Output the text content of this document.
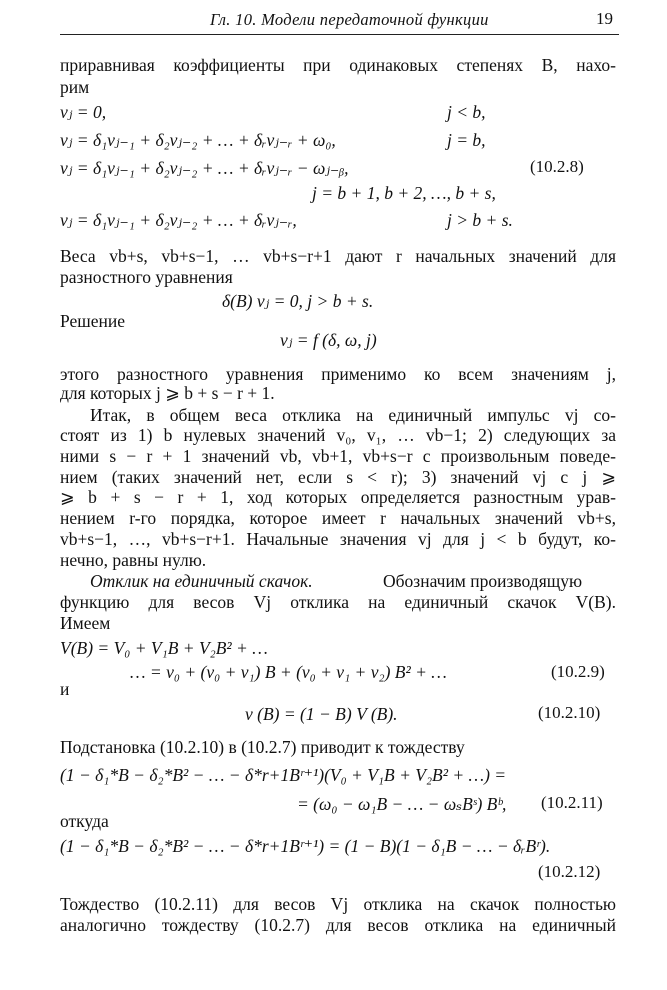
Гл. 10. Модели передаточной функции	19
приравнивая коэффициенты при одинаковых степенях B, нахо-
рим
vⱼ = 0,	j < b,
vⱼ = δ₁vⱼ₋₁ + δ₂vⱼ₋₂ + … + δᵣvⱼ₋ᵣ + ω₀,	j = b,
vⱼ = δ₁vⱼ₋₁ + δ₂vⱼ₋₂ + … + δᵣvⱼ₋ᵣ − ωⱼ₋ᵦ,	(10.2.8)
j = b + 1, b + 2, …, b + s,
vⱼ = δ₁vⱼ₋₁ + δ₂vⱼ₋₂ + … + δᵣvⱼ₋ᵣ,	j > b + s.
Веса vb+s, vb+s−1, … vb+s−r+1 дают r начальных значений для
разностного уравнения
δ(B) vⱼ = 0, j > b + s.
Решение
vⱼ = f (δ, ω, j)
этого разностного уравнения применимо ко всем значениям j,
для которых j ⩾ b + s − r + 1.
Итак, в общем веса отклика на единичный импульс vj со-
стоят из 1) b нулевых значений v₀, v₁, … vb−1; 2) следующих за
ними s − r + 1 значений vb, vb+1, vb+s−r с произвольным поведе-
нием (таких значений нет, если s < r); 3) значений vj с j ⩾
⩾ b + s − r + 1, ход которых определяется разностным урав-
нением r-го порядка, которое имеет r начальных значений vb+s,
vb+s−1, …, vb+s−r+1. Начальные значения vj для j < b будут, ко-
нечно, равны нулю.
Отклик на единичный скачок.	Обозначим производящую
функцию для весов Vj отклика на единичный скачок V(B).
Имеем
V(B) = V₀ + V₁B + V₂B² + …
… = v₀ + (v₀ + v₁) B + (v₀ + v₁ + v₂) B² + …	(10.2.9)
и
v (B) = (1 − B) V (B).	(10.2.10)
Подстановка (10.2.10) в (10.2.7) приводит к тождеству
(1 − δ₁*B − δ₂*B² − … − δ*r+1Bʳ⁺¹)(V₀ + V₁B + V₂B² + …) =
= (ω₀ − ω₁B − … − ωₛBˢ) Bᵇ, (10.2.11)
откуда
(1 − δ₁*B − δ₂*B² − … − δ*r+1Bʳ⁺¹) = (1 − B)(1 − δ₁B − … − δᵣBʳ).
(10.2.12)
Тождество (10.2.11) для весов Vj отклика на скачок полностью
аналогично тождеству (10.2.7) для весов отклика на единичный
